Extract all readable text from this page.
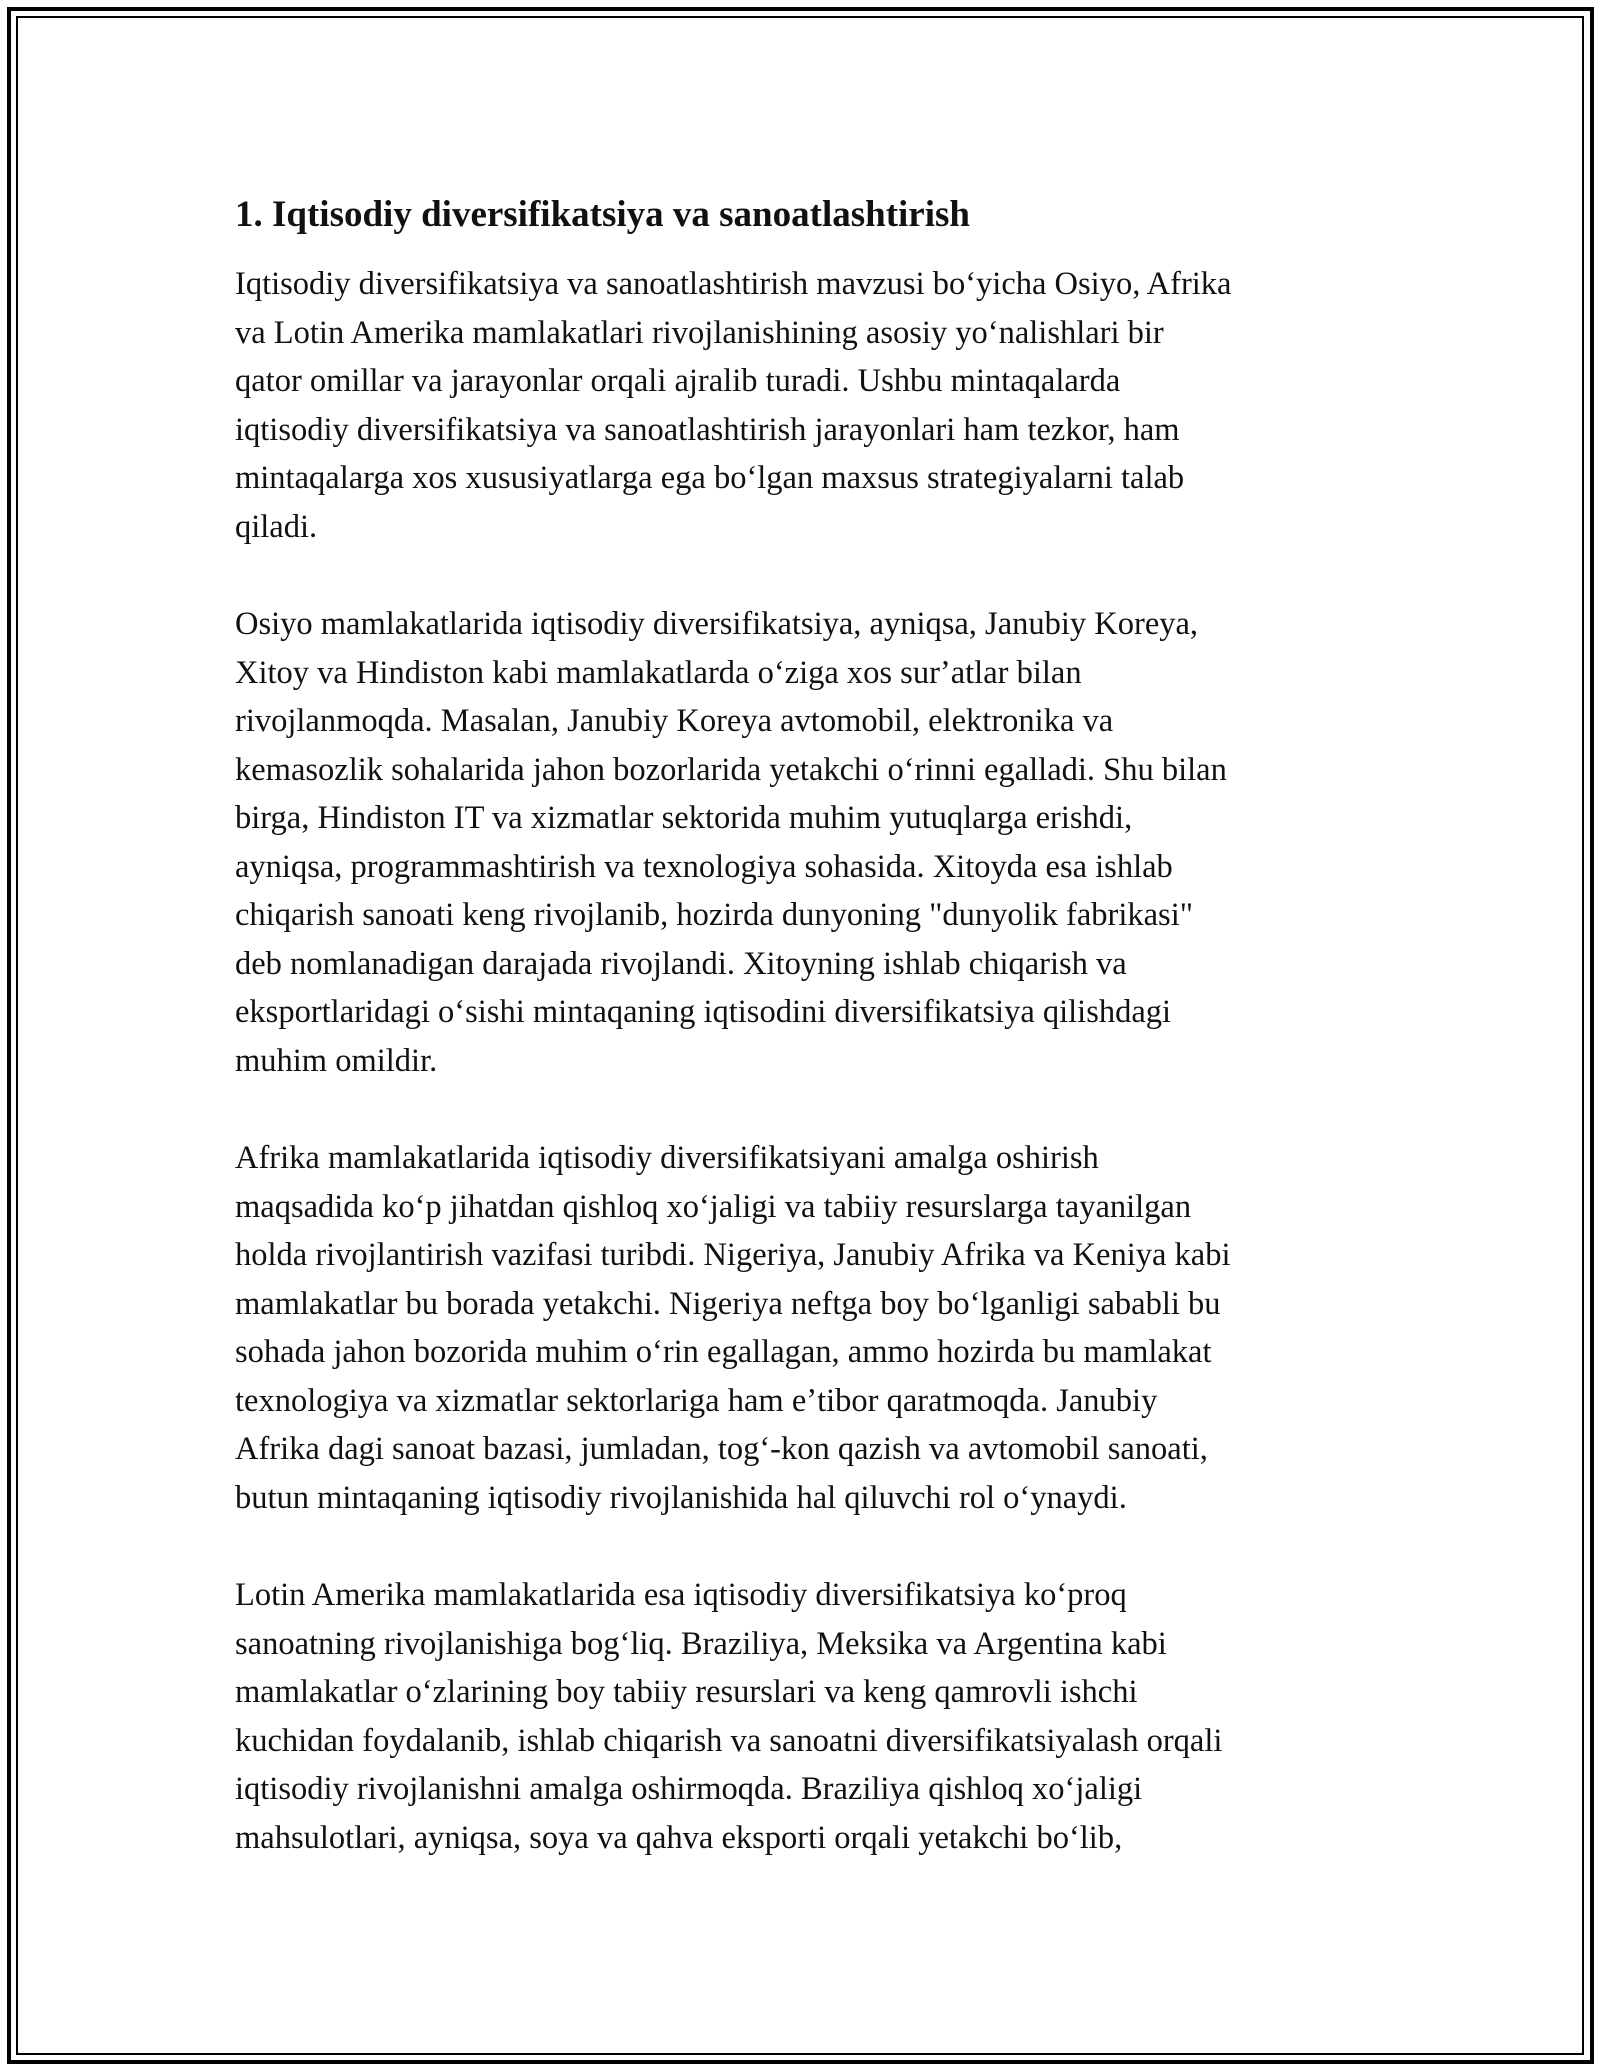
1. Iqtisodiy diversifikatsiya va sanoatlashtirish

Iqtisodiy diversifikatsiya va sanoatlashtirish mavzusi boʻyicha Osiyo, Afrika
va Lotin Amerika mamlakatlari rivojlanishining asosiy yoʻnalishlari bir
qator omillar va jarayonlar orqali ajralib turadi. Ushbu mintaqalarda
iqtisodiy diversifikatsiya va sanoatlashtirish jarayonlari ham tezkor, ham
mintaqalarga xos xususiyatlarga ega boʻlgan maxsus strategiyalarni talab
qiladi.

Osiyo mamlakatlarida iqtisodiy diversifikatsiya, ayniqsa, Janubiy Koreya,
Xitoy va Hindiston kabi mamlakatlarda oʻziga xos surʼatlar bilan
rivojlanmoqda. Masalan, Janubiy Koreya avtomobil, elektronika va
kemasozlik sohalarida jahon bozorlarida yetakchi oʻrinni egalladi. Shu bilan
birga, Hindiston IT va xizmatlar sektorida muhim yutuqlarga erishdi,
ayniqsa, programmashtirish va texnologiya sohasida. Xitoyda esa ishlab
chiqarish sanoati keng rivojlanib, hozirda dunyoning "dunyolik fabrikasi"
deb nomlanadigan darajada rivojlandi. Xitoyning ishlab chiqarish va
eksportlaridagi oʻsishi mintaqaning iqtisodini diversifikatsiya qilishdagi
muhim omildir.

Afrika mamlakatlarida iqtisodiy diversifikatsiyani amalga oshirish
maqsadida koʻp jihatdan qishloq xoʻjaligi va tabiiy resurslarga tayanilgan
holda rivojlantirish vazifasi turibdi. Nigeriya, Janubiy Afrika va Keniya kabi
mamlakatlar bu borada yetakchi. Nigeriya neftga boy boʻlganligi sababli bu
sohada jahon bozorida muhim oʻrin egallagan, ammo hozirda bu mamlakat
texnologiya va xizmatlar sektorlariga ham eʼtibor qaratmoqda. Janubiy
Afrika dagi sanoat bazasi, jumladan, togʻ-kon qazish va avtomobil sanoati,
butun mintaqaning iqtisodiy rivojlanishida hal qiluvchi rol oʻynaydi.

Lotin Amerika mamlakatlarida esa iqtisodiy diversifikatsiya koʻproq
sanoatning rivojlanishiga bogʻliq. Braziliya, Meksika va Argentina kabi
mamlakatlar oʻzlarining boy tabiiy resurslari va keng qamrovli ishchi
kuchidan foydalanib, ishlab chiqarish va sanoatni diversifikatsiyalash orqali
iqtisodiy rivojlanishni amalga oshirmoqda. Braziliya qishloq xoʻjaligi
mahsulotlari, ayniqsa, soya va qahva eksporti orqali yetakchi boʻlib,
